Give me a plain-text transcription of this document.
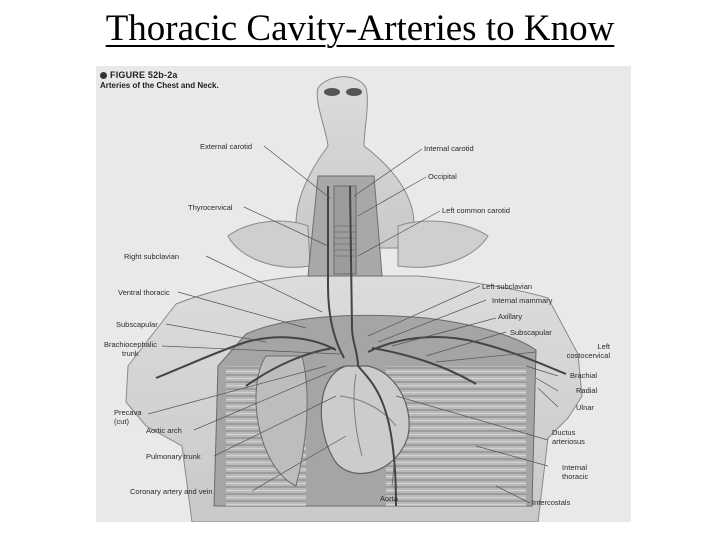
Thoracic Cavity-Arteries to Know
FIGURE 52b-2a
Arteries of the Chest and Neck.
External carotid
Thyrocervical
Right subclavian
Ventral thoracic
Subscapular
Brachiocephalic
trunk
Precava
(cut)
Aortic arch
Pulmonary trunk
Coronary artery and vein
Internal carotid
Occipital
Left common carotid
Left subclavian
Internal mammary
Axillary
Subscapular
Left
costocervical
Brachial
Radial
Ulnar
Ductus
arteriosus
Internal
thoracic
Aorta	Intercostals
